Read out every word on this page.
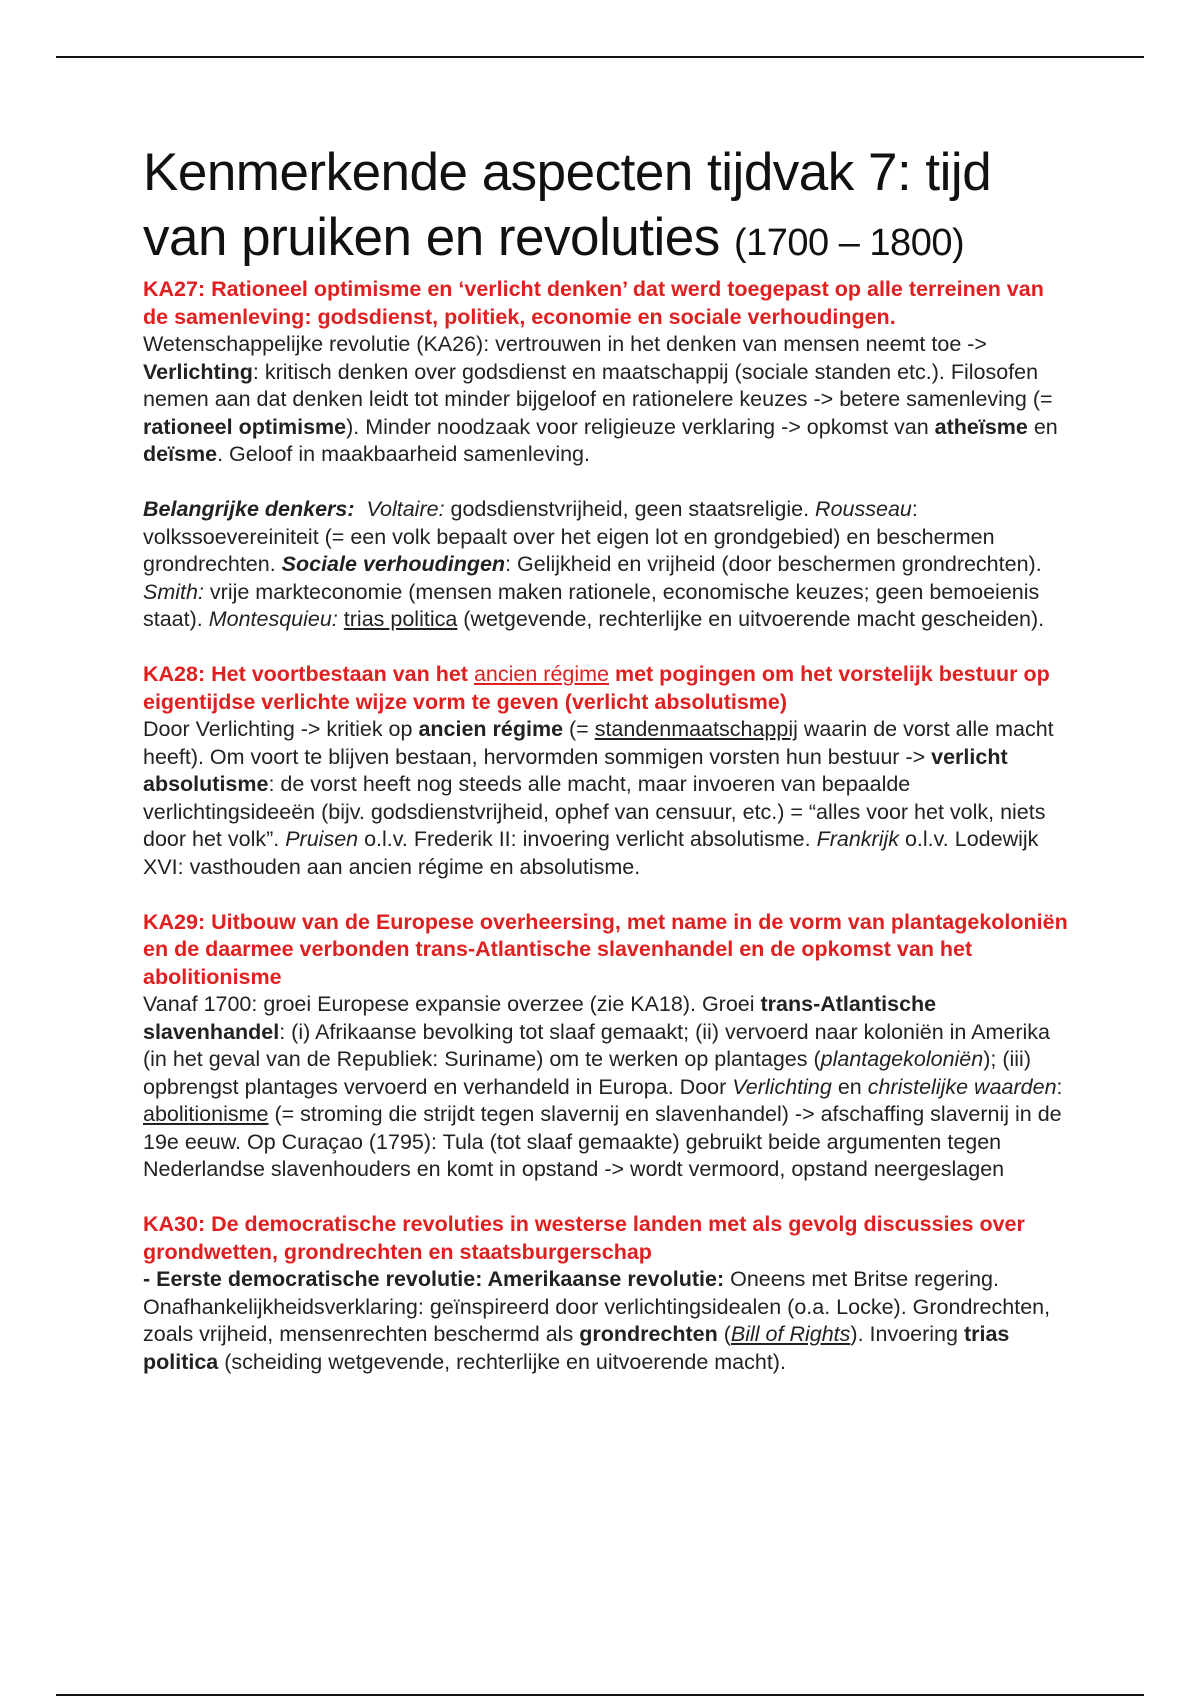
Kenmerkende aspecten tijdvak 7: tijd van pruiken en revoluties (1700 – 1800)
KA27: Rationeel optimisme en ‘verlicht denken’ dat werd toegepast op alle terreinen van de samenleving: godsdienst, politiek, economie en sociale verhoudingen.

Wetenschappelijke revolutie (KA26): vertrouwen in het denken van mensen neemt toe -> Verlichting: kritisch denken over godsdienst en maatschappij (sociale standen etc.). Filosofen nemen aan dat denken leidt tot minder bijgeloof en rationelere keuzes -> betere samenleving (= rationeel optimisme). Minder noodzaak voor religieuze verklaring -> opkomst van atheïsme en deïsme. Geloof in maakbaarheid samenleving.

Belangrijke denkers: Voltaire: godsdienstvrijheid, geen staatsreligie. Rousseau: volkssoevereiniteit (= een volk bepaalt over het eigen lot en grondgebied) en beschermen grondrechten. Sociale verhoudingen: Gelijkheid en vrijheid (door beschermen grondrechten). Smith: vrije markteconomie (mensen maken rationele, economische keuzes; geen bemoeienis staat). Montesquieu: trias politica (wetgevende, rechterlijke en uitvoerende macht gescheiden).

KA28: Het voortbestaan van het ancien régime met pogingen om het vorstelijk bestuur op eigentijdse verlichte wijze vorm te geven (verlicht absolutisme)

Door Verlichting -> kritiek op ancien régime (= standenmaatschappij waarin de vorst alle macht heeft). Om voort te blijven bestaan, hervormden sommigen vorsten hun bestuur -> verlicht absolutisme: de vorst heeft nog steeds alle macht, maar invoeren van bepaalde verlichtingsideeën (bijv. godsdienstvrijheid, ophef van censuur, etc.) = “alles voor het volk, niets door het volk”. Pruisen o.l.v. Frederik II: invoering verlicht absolutisme. Frankrijk o.l.v. Lodewijk XVI: vasthouden aan ancien régime en absolutisme.

KA29: Uitbouw van de Europese overheersing, met name in de vorm van plantagekoloniën en de daarmee verbonden trans-Atlantische slavenhandel en de opkomst van het abolitionisme

Vanaf 1700: groei Europese expansie overzee (zie KA18). Groei trans-Atlantische slavenhandel: (i) Afrikaanse bevolking tot slaaf gemaakt; (ii) vervoerd naar koloniën in Amerika (in het geval van de Republiek: Suriname) om te werken op plantages (plantagekoloniën); (iii) opbrengst plantages vervoerd en verhandeld in Europa. Door Verlichting en christelijke waarden: abolitionisme (= stroming die strijdt tegen slavernij en slavenhandel) -> afschaffing slavernij in de 19e eeuw. Op Curaçao (1795): Tula (tot slaaf gemaakte) gebruikt beide argumenten tegen Nederlandse slavenhouders en komt in opstand -> wordt vermoord, opstand neergeslagen

KA30: De democratische revoluties in westerse landen met als gevolg discussies over grondwetten, grondrechten en staatsburgerschap

- Eerste democratische revolutie: Amerikaanse revolutie: Oneens met Britse regering. Onafhankelijkheidsverklaring: geïnspireerd door verlichtingsidealen (o.a. Locke). Grondrechten, zoals vrijheid, mensenrechten beschermd als grondrechten (Bill of Rights). Invoering trias politica (scheiding wetgevende, rechterlijke en uitvoerende macht).
